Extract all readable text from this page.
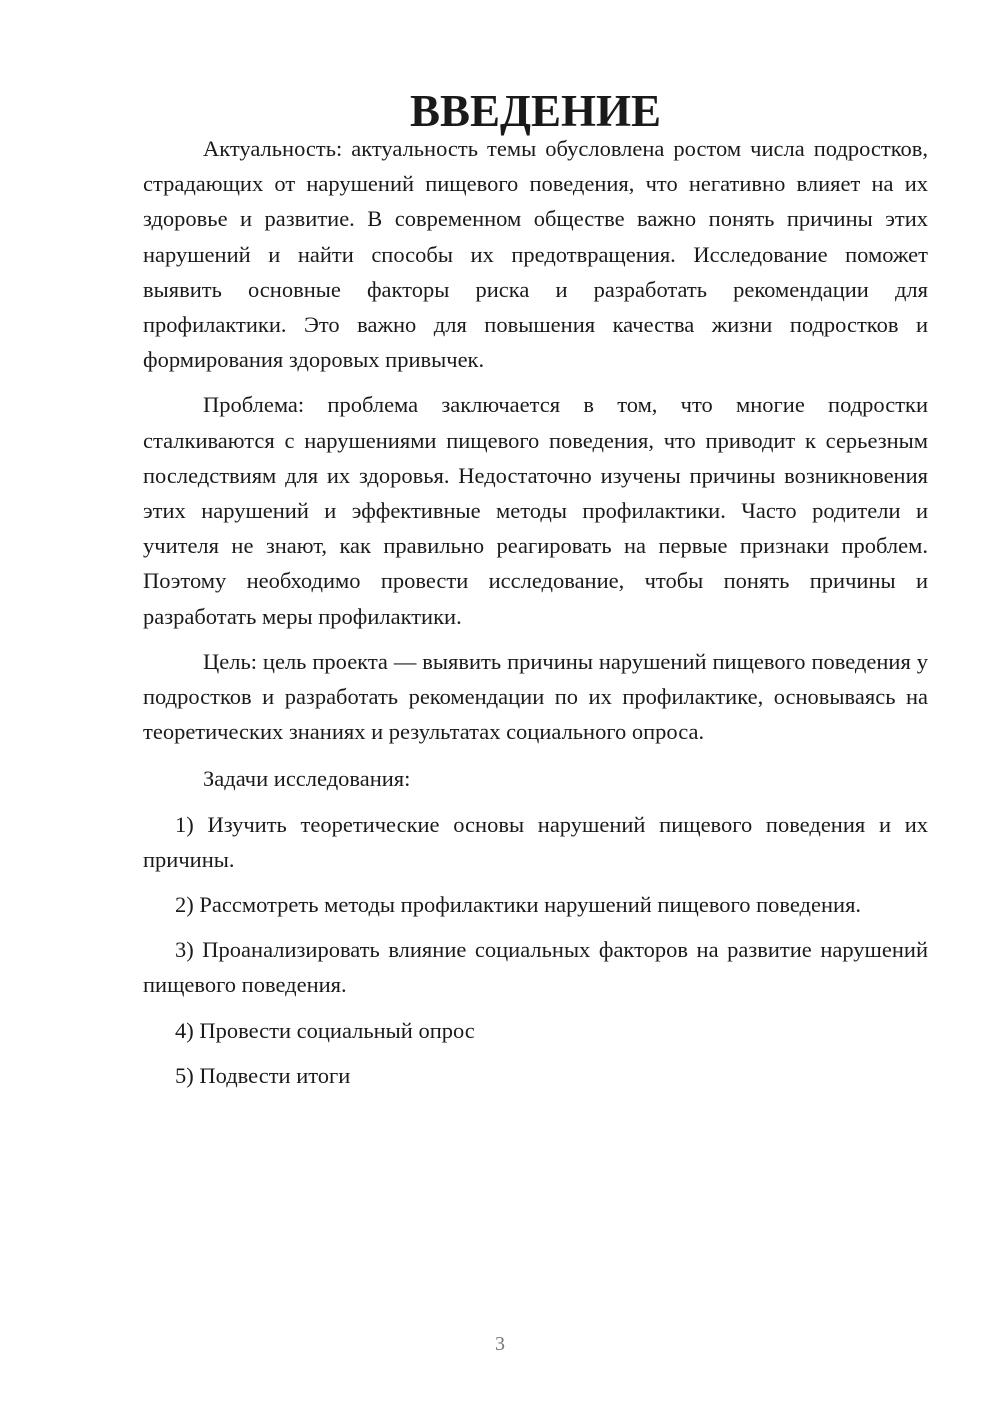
ВВЕДЕНИЕ

Актуальность: актуальность темы обусловлена ростом числа подростков, страдающих от нарушений пищевого поведения, что негативно влияет на их здоровье и развитие. В современном обществе важно понять причины этих нарушений и найти способы их предотвращения. Исследование поможет выявить основные факторы риска и разработать рекомендации для профилактики. Это важно для повышения качества жизни подростков и формирования здоровых привычек.

Проблема: проблема заключается в том, что многие подростки сталкиваются с нарушениями пищевого поведения, что приводит к серьезным последствиям для их здоровья. Недостаточно изучены причины возникновения этих нарушений и эффективные методы профилактики. Часто родители и учителя не знают, как правильно реагировать на первые признаки проблем. Поэтому необходимо провести исследование, чтобы понять причины и разработать меры профилактики.

Цель: цель проекта — выявить причины нарушений пищевого поведения у подростков и разработать рекомендации по их профилактике, основываясь на теоретических знаниях и результатах социального опроса.

Задачи исследования:

1) Изучить теоретические основы нарушений пищевого поведения и их причины.

2) Рассмотреть методы профилактики нарушений пищевого поведения.

3) Проанализировать влияние социальных факторов на развитие нарушений пищевого поведения.

4) Провести социальный опрос

5) Подвести итоги

3
